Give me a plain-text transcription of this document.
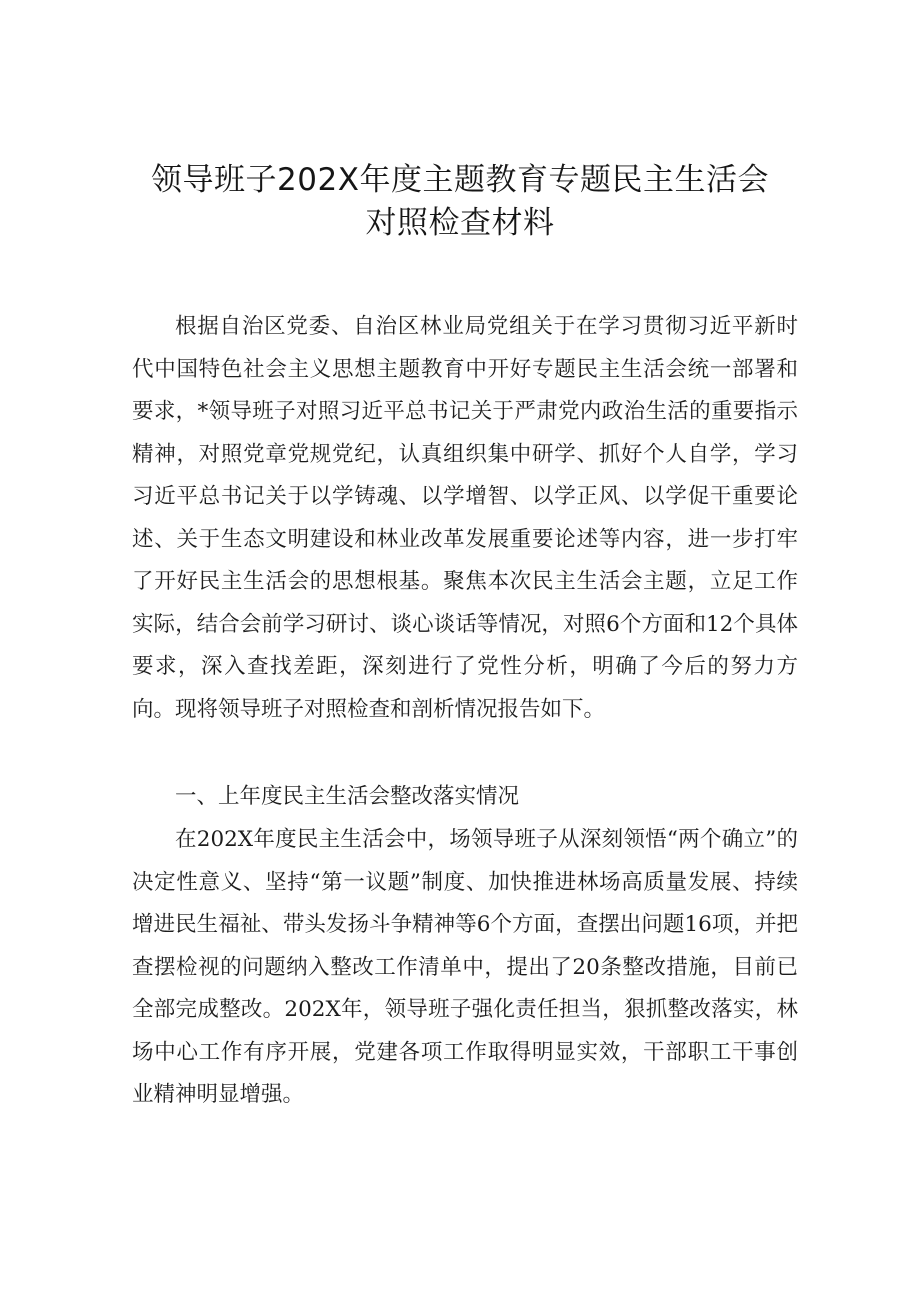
领导班子202X年度主题教育专题民主生活会
对照检查材料

根据自治区党委、自治区林业局党组关于在学习贯彻习近平新时代中国特色社会主义思想主题教育中开好专题民主生活会统一部署和要求，*领导班子对照习近平总书记关于严肃党内政治生活的重要指示精神，对照党章党规党纪，认真组织集中研学、抓好个人自学，学习习近平总书记关于以学铸魂、以学增智、以学正风、以学促干重要论述、关于生态文明建设和林业改革发展重要论述等内容，进一步打牢了开好民主生活会的思想根基。聚焦本次民主生活会主题，立足工作实际，结合会前学习研讨、谈心谈话等情况，对照6个方面和12个具体要求，深入查找差距，深刻进行了党性分析，明确了今后的努力方向。现将领导班子对照检查和剖析情况报告如下。

一、上年度民主生活会整改落实情况

在202X年度民主生活会中，场领导班子从深刻领悟“两个确立”的决定性意义、坚持“第一议题”制度、加快推进林场高质量发展、持续增进民生福祉、带头发扬斗争精神等6个方面，查摆出问题16项，并把查摆检视的问题纳入整改工作清单中，提出了20条整改措施，目前已全部完成整改。202X年，领导班子强化责任担当，狠抓整改落实，林场中心工作有序开展，党建各项工作取得明显实效，干部职工干事创业精神明显增强。
